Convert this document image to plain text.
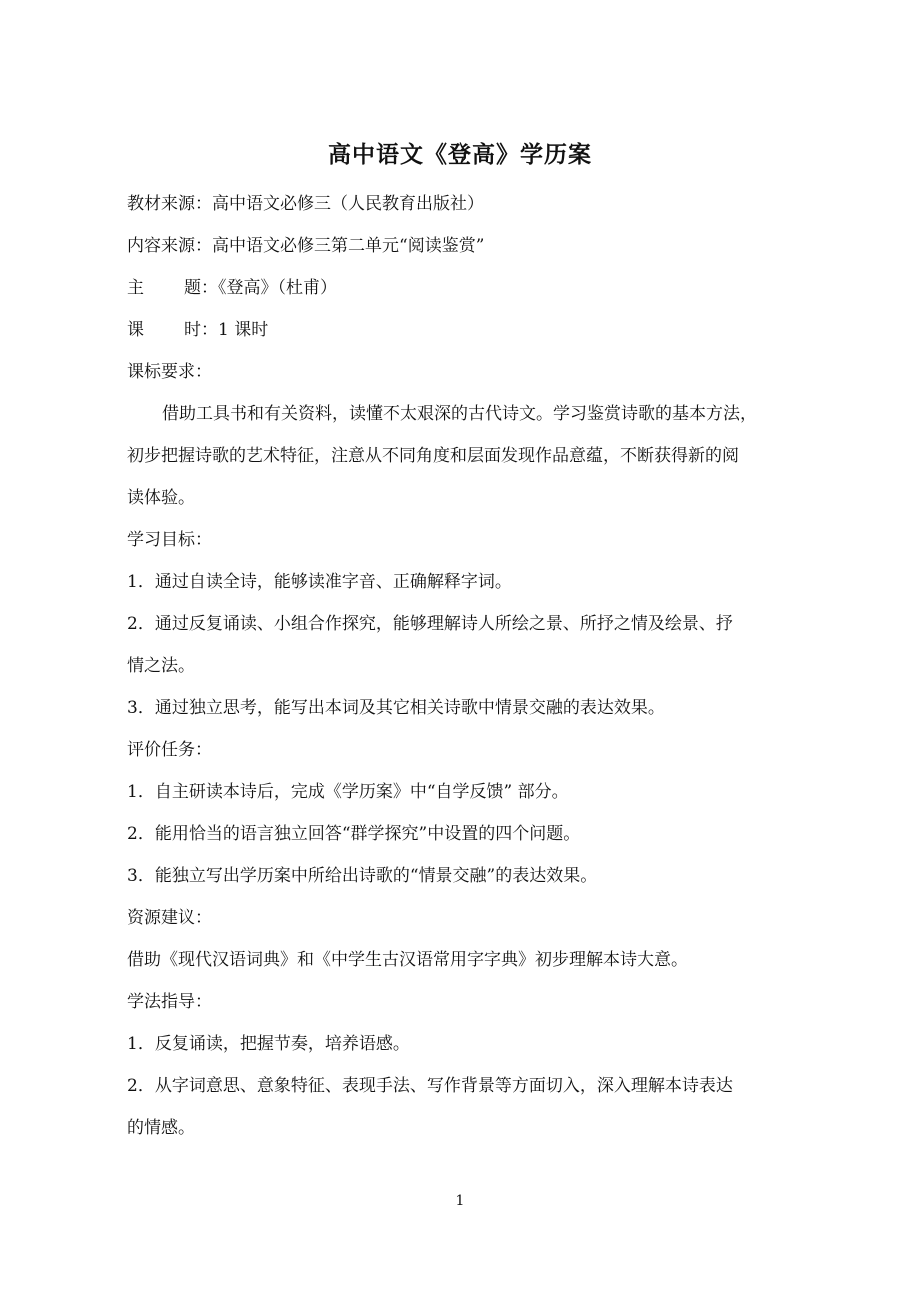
高中语文《登高》学历案
教材来源：高中语文必修三（人民教育出版社）
内容来源：高中语文必修三第二单元“阅读鉴赏”
主 题：《登高》（杜甫）
课 时：1 课时
课标要求：
借助工具书和有关资料，读懂不太艰深的古代诗文。学习鉴赏诗歌的基本方法，
初步把握诗歌的艺术特征，注意从不同角度和层面发现作品意蕴，不断获得新的阅
读体验。
学习目标：
1．通过自读全诗，能够读准字音、正确解释字词。
2．通过反复诵读、小组合作探究，能够理解诗人所绘之景、所抒之情及绘景、抒
情之法。
3．通过独立思考，能写出本词及其它相关诗歌中情景交融的表达效果。
评价任务：
1．自主研读本诗后，完成《学历案》中“自学反馈” 部分。
2．能用恰当的语言独立回答“群学探究”中设置的四个问题。
3．能独立写出学历案中所给出诗歌的“情景交融”的表达效果。
资源建议：
借助《现代汉语词典》和《中学生古汉语常用字字典》初步理解本诗大意。
学法指导：
1．反复诵读，把握节奏，培养语感。
2．从字词意思、意象特征、表现手法、写作背景等方面切入，深入理解本诗表达
的情感。
1
